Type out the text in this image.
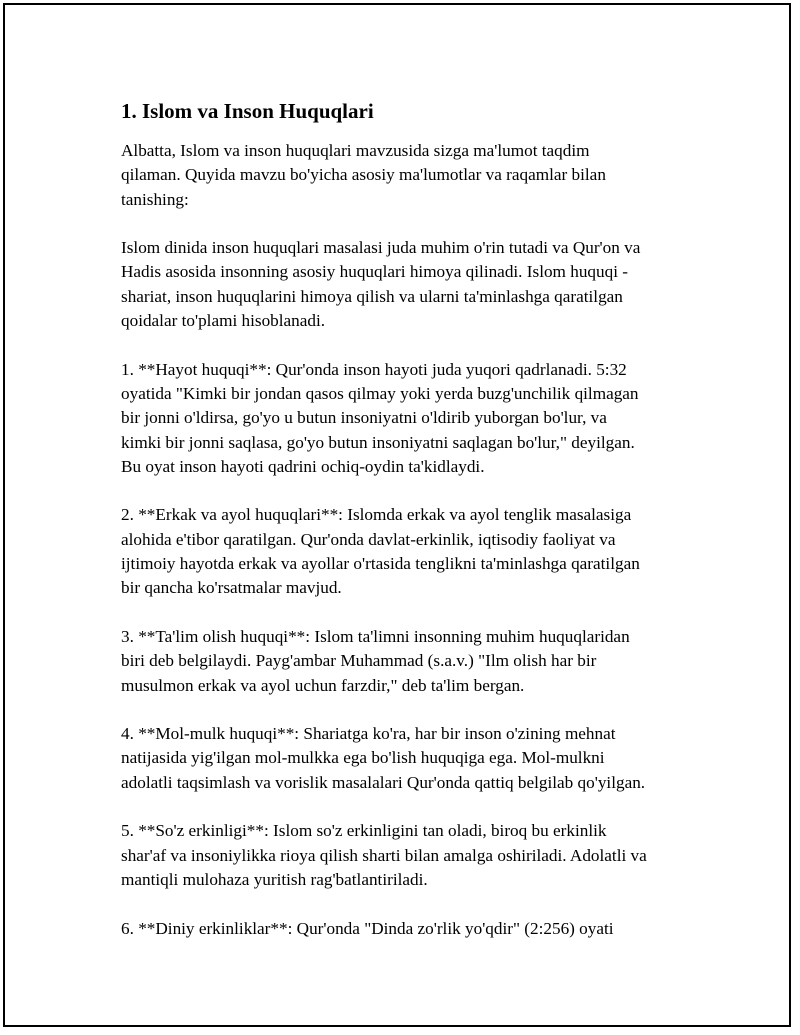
1. Islom va Inson Huquqlari

Albatta, Islom va inson huquqlari mavzusida sizga ma'lumot taqdim
qilaman. Quyida mavzu bo'yicha asosiy ma'lumotlar va raqamlar bilan
tanishing:

Islom dinida inson huquqlari masalasi juda muhim o'rin tutadi va Qur'on va
Hadis asosida insonning asosiy huquqlari himoya qilinadi. Islom huquqi -
shariat, inson huquqlarini himoya qilish va ularni ta'minlashga qaratilgan
qoidalar to'plami hisoblanadi.

1. **Hayot huquqi**: Qur'onda inson hayoti juda yuqori qadrlanadi. 5:32
oyatida "Kimki bir jondan qasos qilmay yoki yerda buzg'unchilik qilmagan
bir jonni o'ldirsa, go'yo u butun insoniyatni o'ldirib yuborgan bo'lur, va
kimki bir jonni saqlasa, go'yo butun insoniyatni saqlagan bo'lur," deyilgan.
Bu oyat inson hayoti qadrini ochiq-oydin ta'kidlaydi.

2. **Erkak va ayol huquqlari**: Islomda erkak va ayol tenglik masalasiga
alohida e'tibor qaratilgan. Qur'onda davlat-erkinlik, iqtisodiy faoliyat va
ijtimoiy hayotda erkak va ayollar o'rtasida tenglikni ta'minlashga qaratilgan
bir qancha ko'rsatmalar mavjud.

3. **Ta'lim olish huquqi**: Islom ta'limni insonning muhim huquqlaridan
biri deb belgilaydi. Payg'ambar Muhammad (s.a.v.) "Ilm olish har bir
musulmon erkak va ayol uchun farzdir," deb ta'lim bergan.

4. **Mol-mulk huquqi**: Shariatga ko'ra, har bir inson o'zining mehnat
natijasida yig'ilgan mol-mulkka ega bo'lish huquqiga ega. Mol-mulkni
adolatli taqsimlash va vorislik masalalari Qur'onda qattiq belgilab qo'yilgan.

5. **So'z erkinligi**: Islom so'z erkinligini tan oladi, biroq bu erkinlik
shar'af va insoniylikka rioya qilish sharti bilan amalga oshiriladi. Adolatli va
mantiqli mulohaza yuritish rag'batlantiriladi.

6. **Diniy erkinliklar**: Qur'onda "Dinda zo'rlik yo'qdir" (2:256) oyati
